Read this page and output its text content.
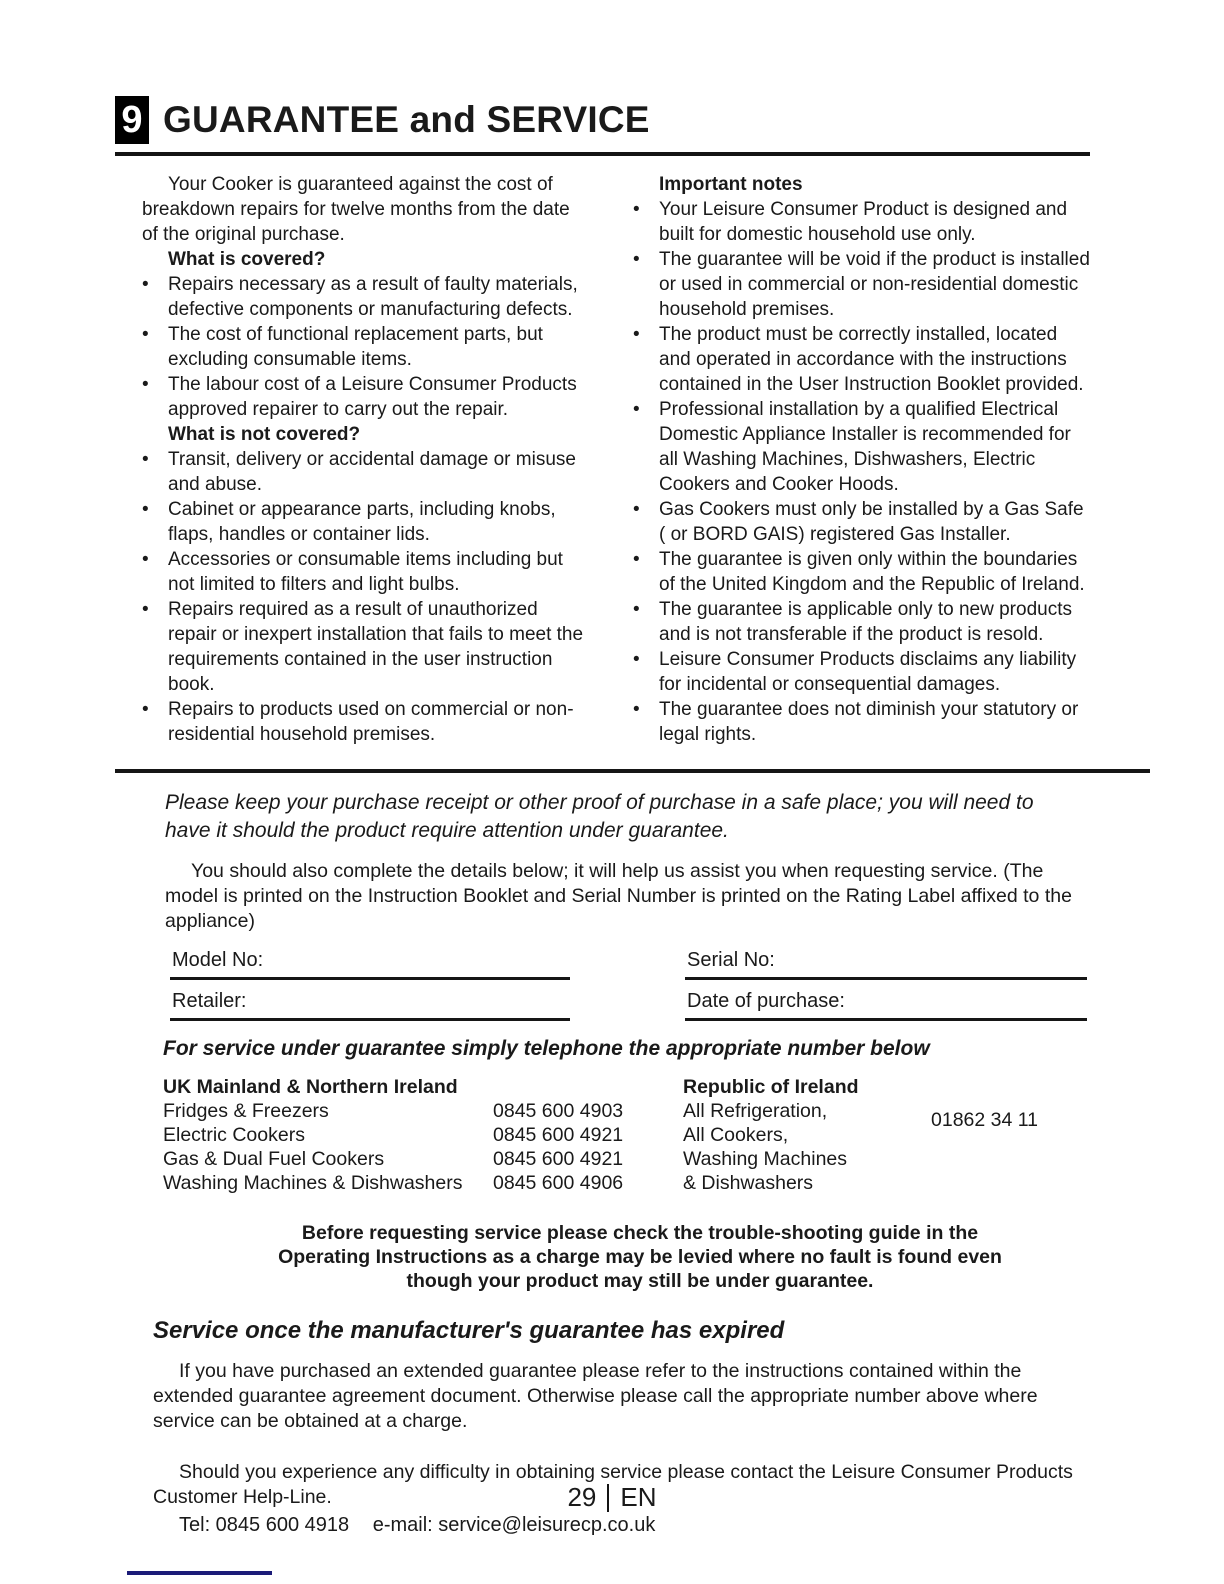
9 GUARANTEE and SERVICE
Your Cooker is guaranteed against the cost of breakdown repairs for twelve months from the date of the original purchase.
What is covered?
•	Repairs necessary as a result of faulty materials, defective components or manufacturing defects.
•	The cost of functional replacement parts, but excluding consumable items.
•	The labour cost of a Leisure Consumer Products approved repairer to carry out the repair.
What is not covered?
•	Transit, delivery or accidental damage or misuse and abuse.
•	Cabinet or appearance parts, including knobs, flaps, handles or container lids.
•	Accessories or consumable items including but not limited to filters and light bulbs.
•	Repairs required as a result of unauthorized repair or inexpert installation that fails to meet the requirements contained in the user instruction book.
•	Repairs to products used on commercial or non-residential household premises.
Important notes
•	Your Leisure Consumer Product is designed and built for domestic household use only.
•	The guarantee will be void if the product is installed or used in commercial or non-residential domestic household premises.
•	The product must be correctly installed, located and operated in accordance with the instructions contained in the User Instruction Booklet provided.
•	Professional installation by a qualified Electrical Domestic Appliance Installer is recommended for all Washing Machines, Dishwashers, Electric Cookers and Cooker Hoods.
•	Gas Cookers must only be installed by a Gas Safe ( or BORD GAIS) registered Gas Installer.
•	The guarantee is given only within the boundaries of the United Kingdom and the Republic of Ireland.
•	The guarantee is applicable only to new products and is not transferable if the product is resold.
•	Leisure Consumer Products disclaims any liability for incidental or consequential damages.
•	The guarantee does not diminish your statutory or legal rights.
Please keep your purchase receipt or other proof of purchase in a safe place; you will need to have it should the product require attention under guarantee.
You should also complete the details below; it will help us assist you when requesting service. (The model is printed on the Instruction Booklet and Serial Number is printed on the Rating Label affixed to the appliance)
Model No:	Serial No:
Retailer:	Date of purchase:
For service under guarantee simply telephone the appropriate number below
UK Mainland & Northern Ireland
Fridges & Freezers	0845 600 4903
Electric Cookers	0845 600 4921
Gas & Dual Fuel Cookers	0845 600 4921
Washing Machines & Dishwashers	0845 600 4906
Republic of Ireland
All Refrigeration,
All Cookers,
Washing Machines
& Dishwashers
01862 34 11
Before requesting service please check the trouble-shooting guide in the Operating Instructions as a charge may be levied where no fault is found even though your product may still be under guarantee.
Service once the manufacturer's guarantee has expired
If you have purchased an extended guarantee please refer to the instructions contained within the extended guarantee agreement document. Otherwise please call the appropriate number above where service can be obtained at a charge.
Should you experience any difficulty in obtaining service please contact the Leisure Consumer Products Customer Help-Line.
Tel: 0845 600 4918 e-mail: service@leisurecp.co.uk
29 EN
